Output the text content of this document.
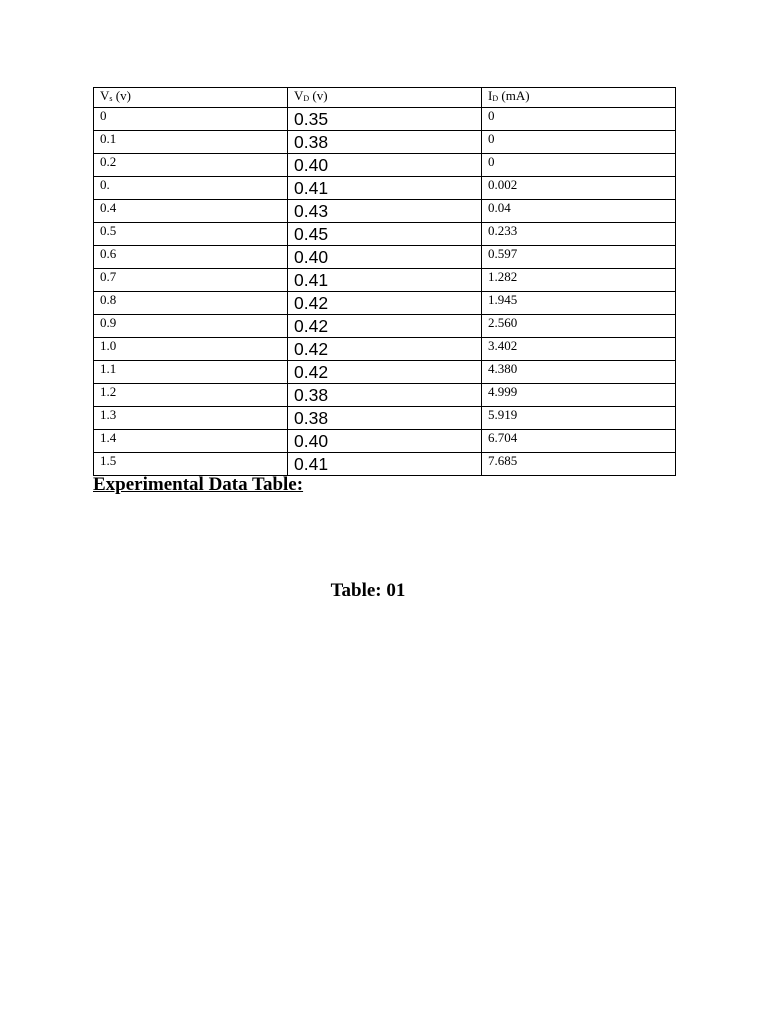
$V_s$ (v)	$V_D$ (v)	$I_D$ (mA)
0	0.35	0
0.1	0.38	0
0.2	0.40	0
0.	0.41	0.002
0.4	0.43	0.04
0.5	0.45	0.233
0.6	0.40	0.597
0.7	0.41	1.282
0.8	0.42	1.945
0.9	0.42	2.560
1.0	0.42	3.402
1.1	0.42	4.380
1.2	0.38	4.999
1.3	0.38	5.919
1.4	0.40	6.704
1.5	0.41	7.685
Experimental Data Table:
Table: 01
